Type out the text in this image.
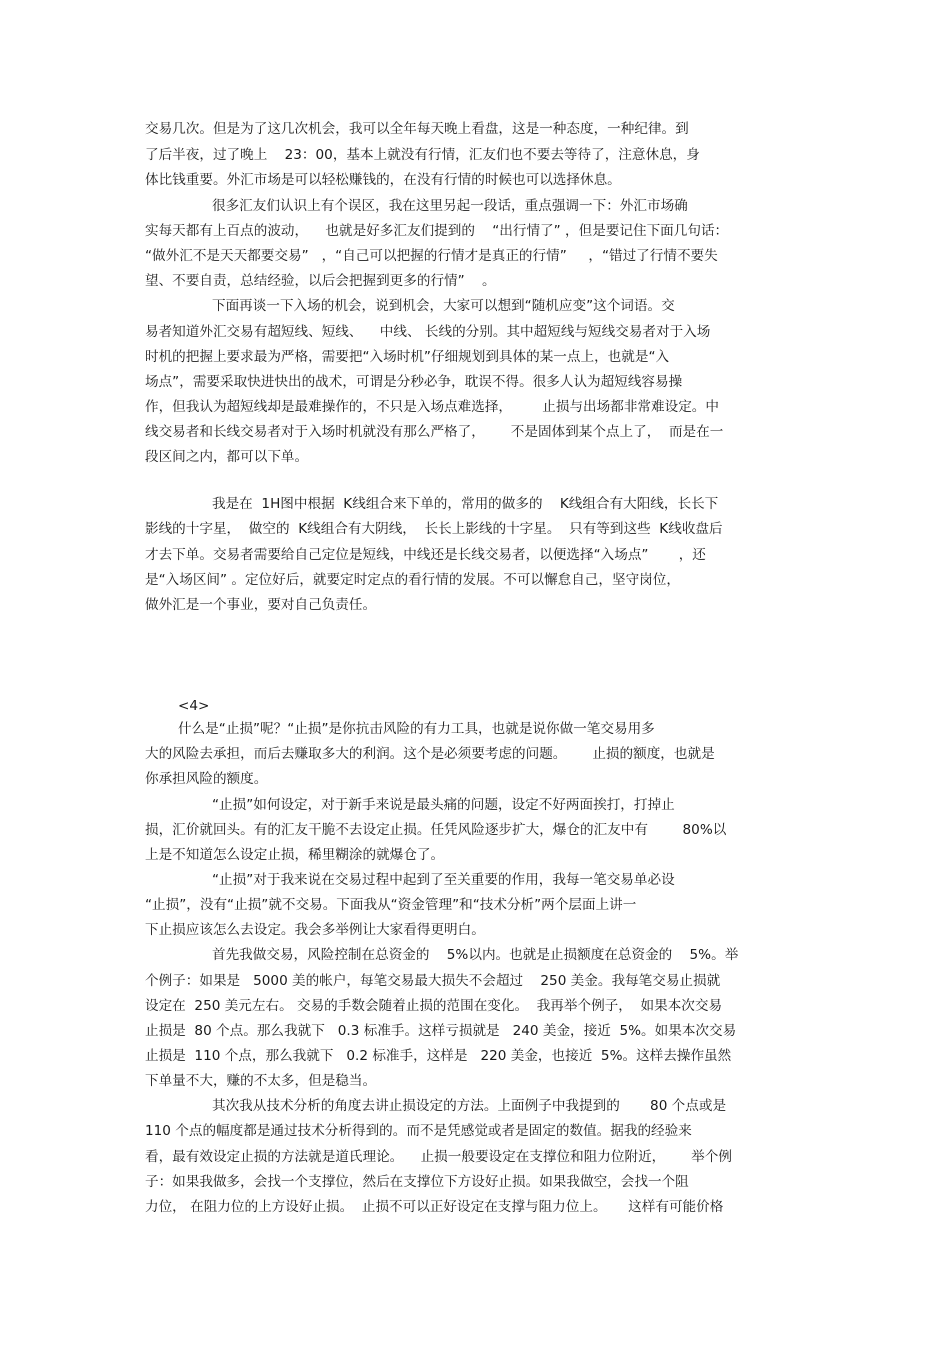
交易几次。但是为了这几次机会，我可以全年每天晚上看盘，这是一种态度，一种纪律。到
了后半夜，过了晚上    23：00，基本上就没有行情，汇友们也不要去等待了，注意休息，身
体比钱重要。外汇市场是可以轻松赚钱的，在没有行情的时候也可以选择休息。
很多汇友们认识上有个误区，我在这里另起一段话，重点强调一下：外汇市场确
实每天都有上百点的波动，    也就是好多汇友们提到的    “出行情了” ，但是要记住下面几句话：
“做外汇不是天天都要交易”   ，“自己可以把握的行情才是真正的行情”     ，“错过了行情不要失
望、不要自责，总结经验，以后会把握到更多的行情”    。
下面再谈一下入场的机会，说到机会，大家可以想到“随机应变”这个词语。交
易者知道外汇交易有超短线、短线、    中线、 长线的分别。其中超短线与短线交易者对于入场
时机的把握上要求最为严格，需要把“入场时机”仔细规划到具体的某一点上，也就是“入
场点”，需要采取快进快出的战术，可谓是分秒必争，耽误不得。很多人认为超短线容易操
作，但我认为超短线却是最难操作的，不只是入场点难选择，       止损与出场都非常难设定。中
线交易者和长线交易者对于入场时机就没有那么严格了，      不是固体到某个点上了，  而是在一
段区间之内，都可以下单。
我是在  1H图中根据  K线组合来下单的，常用的做多的    K线组合有大阳线，长长下
影线的十字星，  做空的  K线组合有大阴线，  长长上影线的十字星。  只有等到这些  K线收盘后
才去下单。交易者需要给自己定位是短线，中线还是长线交易者，以便选择“入场点”       ，还
是“入场区间” 。定位好后，就要定时定点的看行情的发展。不可以懈怠自己，坚守岗位，
做外汇是一个事业，要对自己负责任。
<4>
什么是“止损”呢？“止损”是你抗击风险的有力工具，也就是说你做一笔交易用多
大的风险去承担，而后去赚取多大的利润。这个是必须要考虑的问题。      止损的额度，也就是
你承担风险的额度。
“止损”如何设定，对于新手来说是最头痛的问题，设定不好两面挨打，打掉止
损，汇价就回头。有的汇友干脆不去设定止损。任凭风险逐步扩大，爆仓的汇友中有        80%以
上是不知道怎么设定止损，稀里糊涂的就爆仓了。
“止损”对于我来说在交易过程中起到了至关重要的作用，我每一笔交易单必设
“止损”，没有“止损”就不交易。下面我从“资金管理”和“技术分析”两个层面上讲一
下止损应该怎么去设定。我会多举例让大家看得更明白。
首先我做交易，风险控制在总资金的    5%以内。也就是止损额度在总资金的    5%。举
个例子：如果是   5000 美的帐户，每笔交易最大损失不会超过    250 美金。我每笔交易止损就
设定在  250 美元左右。 交易的手数会随着止损的范围在变化。  我再举个例子，  如果本次交易
止损是  80 个点。那么我就下   0.3 标准手。这样亏损就是   240 美金，接近  5%。如果本次交易
止损是  110 个点，那么我就下   0.2 标准手，这样是   220 美金，也接近  5%。这样去操作虽然
下单量不大，赚的不太多，但是稳当。
其次我从技术分析的角度去讲止损设定的方法。上面例子中我提到的       80 个点或是
110 个点的幅度都是通过技术分析得到的。而不是凭感觉或者是固定的数值。据我的经验来
看，最有效设定止损的方法就是道氏理论。    止损一般要设定在支撑位和阻力位附近，      举个例
子：如果我做多，会找一个支撑位，然后在支撑位下方设好止损。如果我做空，会找一个阻
力位， 在阻力位的上方设好止损。  止损不可以正好设定在支撑与阻力位上。     这样有可能价格
